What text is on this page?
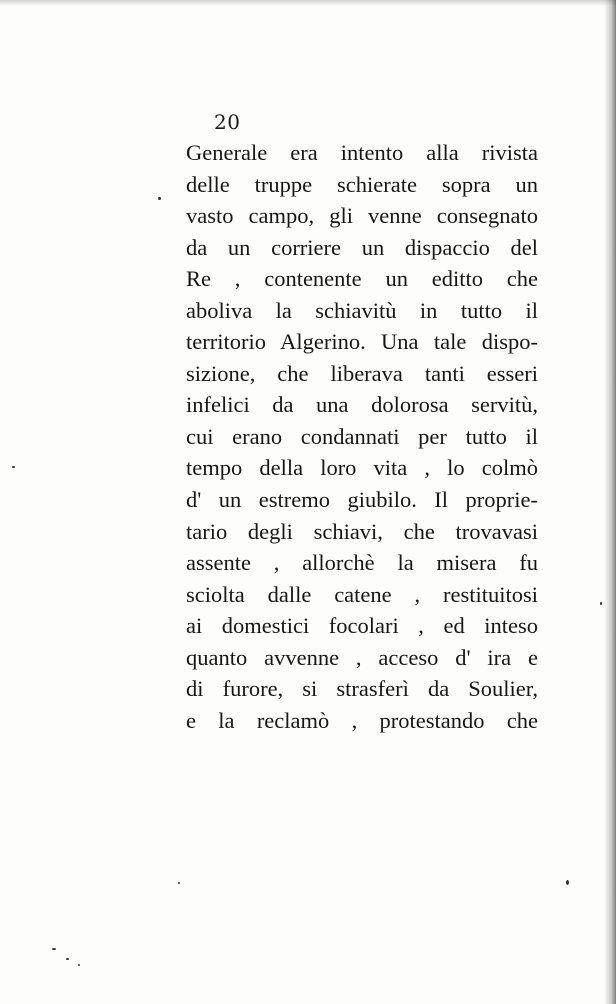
20
Generale era intento alla rivista
delle truppe schierate sopra un
vasto campo, gli venne consegnato
da un corriere un dispaccio del
Re , contenente un editto che
aboliva la schiavitù in tutto il
territorio Algerino. Una tale dispo-
sizione, che liberava tanti esseri
infelici da una dolorosa servitù,
cui erano condannati per tutto il
tempo della loro vita , lo colmò
d' un estremo giubilo. Il proprie-
tario degli schiavi, che trovavasi
assente , allorchè la misera fu
sciolta dalle catene , restituitosi
ai domestici focolari , ed inteso
quanto avvenne , acceso d' ira e
di furore, si strasferì da Soulier,
e la reclamò , protestando che
